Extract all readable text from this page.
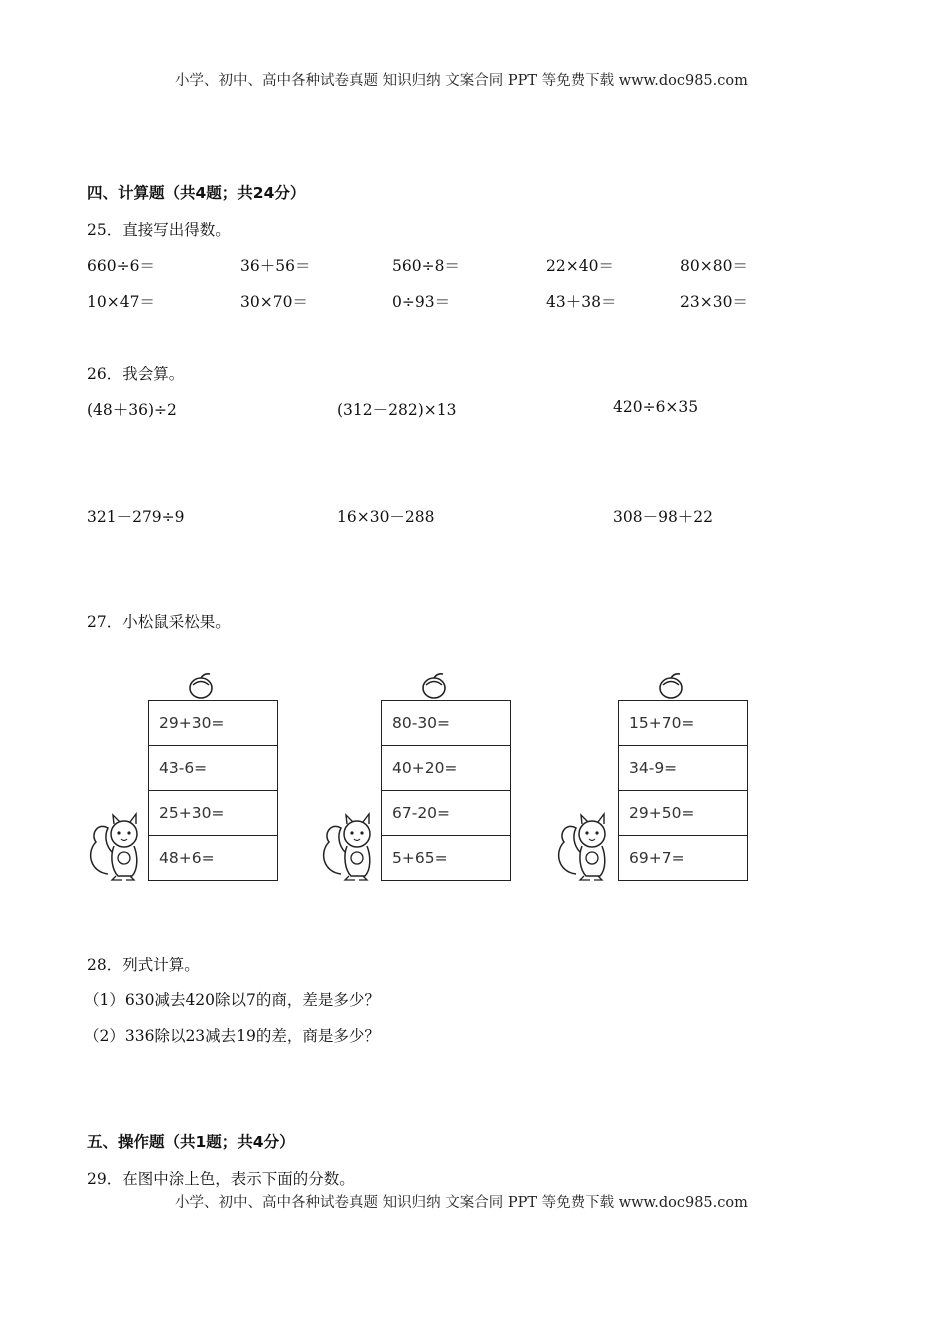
小学、初中、高中各种试卷真题 知识归纳 文案合同 PPT 等免费下载 www.doc985.com
四、计算题（共4题；共24分）
25．直接写出得数。
660÷6＝	36＋56＝	560÷8＝	22×40＝	80×80＝
10×47＝	30×70＝	0÷93＝	43＋38＝	23×30＝
26．我会算。
(48＋36)÷2	(312－282)×13	420÷6×35
321－279÷9	16×30－288	308－98＋22
27．小松鼠采松果。
29+30=
43-6=
25+30=
48+6=
80-30=
40+20=
67-20=
5+65=
15+70=
34-9=
29+50=
69+7=
28．列式计算。
（1）630减去420除以7的商，差是多少？
（2）336除以23减去19的差，商是多少？
五、操作题（共1题；共4分）
29．在图中涂上色，表示下面的分数。
小学、初中、高中各种试卷真题 知识归纳 文案合同 PPT 等免费下载 www.doc985.com
